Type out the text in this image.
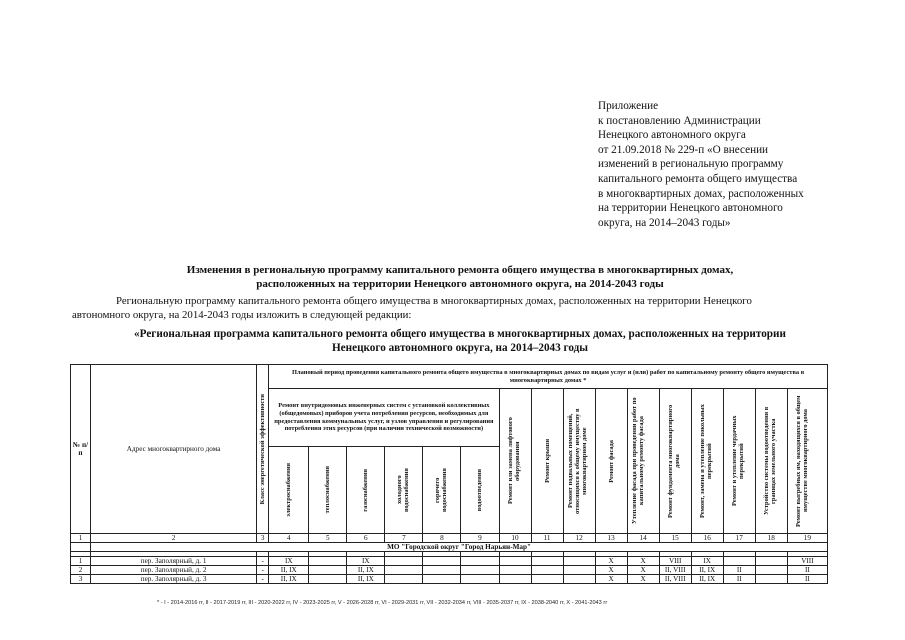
Приложение
к постановлению Администрации
Ненецкого автономного округа
от 21.09.2018 № 229-п «О внесении
изменений в региональную программу
капитального ремонта общего имущества
в многоквартирных домах, расположенных
на территории Ненецкого автономного
округа, на 2014–2043 годы»
Изменения в региональную программу капитального ремонта общего имущества в многоквартирных домах,
расположенных на территории Ненецкого автономного округа, на 2014-2043 годы
Региональную программу капитального ремонта общего имущества в многоквартирных домах, расположенных на территории Ненецкого
автономного округа, на 2014-2043 годы изложить в следующей редакции:
«Региональная программа капитального ремонта общего имущества в многоквартирных домах, расположенных на территории
Ненецкого автономного округа, на 2014–2043 годы
№ п/п	Адрес многоквартирного дома	Класс энергетической эффективности	Плановый период проведения капитального ремонта общего имущества в многоквартирных домах по видам услуг и (или) работ по капитальному ремонту общего имущества в многоквартирных домах *															
			Ремонт внутридомовых инженерных систем с установкой коллективных (общедомовых) приборов учета потребления ресурсов, необходимых для предоставления коммунальных услуг, и узлов управления и регулирования потребления этих ресурсов (при наличии технической возможности)						Ремонт или замена лифтового оборудования	Ремонт крыши	Ремонт подвальных помещений, относящихся к общему имуществу в многоквартирном доме	Ремонт фасада	Утепление фасада при проведении работ по капитальному ремонту фасада	Ремонт фундамента многоквартирного дома	Ремонт, замена и утепление покольных перекрытий	Ремонт и утепление чердачных перекрытий	Устройство системы водоотведения в границах земельного участка	Ремонт выгребных ям, находящихся в общем имуществе многоквартирного дома

			электроснабжения	теплоснабжения	газоснабжения	холодного водоснабжения	горячего водоснабжения	водоотведения										

1	2	3	4	5	6	7	8	9	10	11	12	13	14	15	16	17	18	19
	МО "Городской округ "Город Нарьян-Мар"																	

1	пер. Заполярный, д. 1	-	IX		IX							X	X	VIII	IX			VIII
2	пер. Заполярный, д. 2	-	II, IX		II, IX							X	X	II, VIII	II, IX	II		II
3	пер. Заполярный, д. 3	-	II, IX		II, IX							X	X	II, VIII	II, IX	II		II
* - I - 2014-2016 гг, II - 2017-2019 гг, III - 2020-2022 гг, IV - 2023-2025 гг, V - 2026-2028 гг, VI - 2029-2031 гг, VII - 2032-2034 гг, VIII - 2035-2037 гг, IX - 2038-2040 гг, X - 2041-2043 гг
